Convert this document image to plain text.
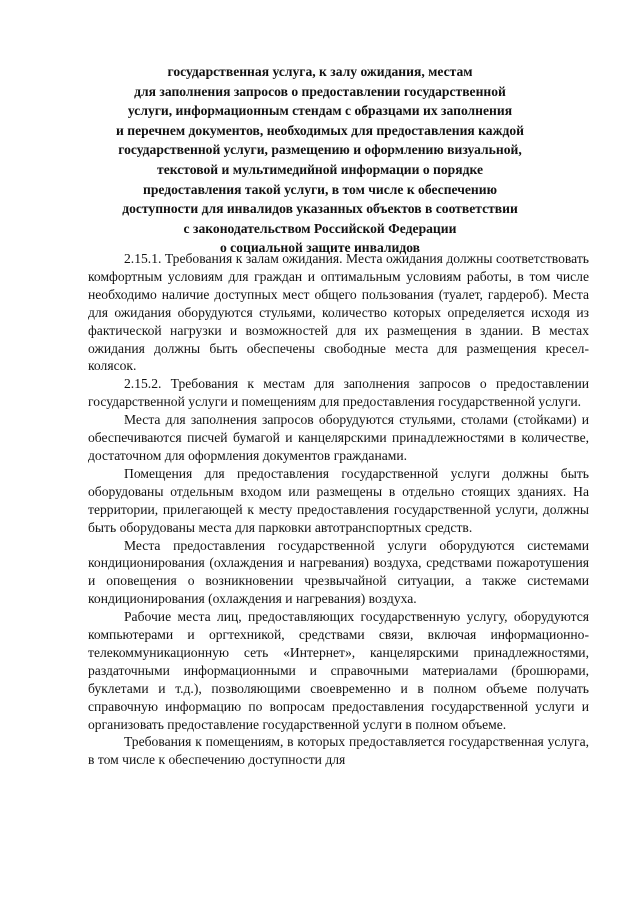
государственная услуга, к залу ожидания, местам
для заполнения запросов о предоставлении государственной
услуги, информационным стендам с образцами их заполнения
и перечнем документов, необходимых для предоставления каждой
государственной услуги, размещению и оформлению визуальной,
текстовой и мультимедийной информации о порядке
предоставления такой услуги, в том числе к обеспечению
доступности для инвалидов указанных объектов в соответствии
с законодательством Российской Федерации
о социальной защите инвалидов

2.15.1. Требования к залам ожидания. Места ожидания должны соответствовать комфортным условиям для граждан и оптимальным условиям работы, в том числе необходимо наличие доступных мест общего пользования (туалет, гардероб). Места для ожидания оборудуются стульями, количество которых определяется исходя из фактической нагрузки и возможностей для их размещения в здании. В местах ожидания должны быть обеспечены свободные места для размещения кресел-колясок.

2.15.2. Требования к местам для заполнения запросов о предоставлении государственной услуги и помещениям для предоставления государственной услуги.

Места для заполнения запросов оборудуются стульями, столами (стойками) и обеспечиваются писчей бумагой и канцелярскими принадлежностями в количестве, достаточном для оформления документов гражданами.

Помещения для предоставления государственной услуги должны быть оборудованы отдельным входом или размещены в отдельно стоящих зданиях. На территории, прилегающей к месту предоставления государственной услуги, должны быть оборудованы места для парковки автотранспортных средств.

Места предоставления государственной услуги оборудуются системами кондиционирования (охлаждения и нагревания) воздуха, средствами пожаротушения и оповещения о возникновении чрезвычайной ситуации, а также системами кондиционирования (охлаждения и нагревания) воздуха.

Рабочие места лиц, предоставляющих государственную услугу, оборудуются компьютерами и оргтехникой, средствами связи, включая информационно-телекоммуникационную сеть «Интернет», канцелярскими принадлежностями, раздаточными информационными и справочными материалами (брошюрами, буклетами и т.д.), позволяющими своевременно и в полном объеме получать справочную информацию по вопросам предоставления государственной услуги и организовать предоставление государственной услуги в полном объеме.

Требования к помещениям, в которых предоставляется государственная услуга, в том числе к обеспечению доступности для
